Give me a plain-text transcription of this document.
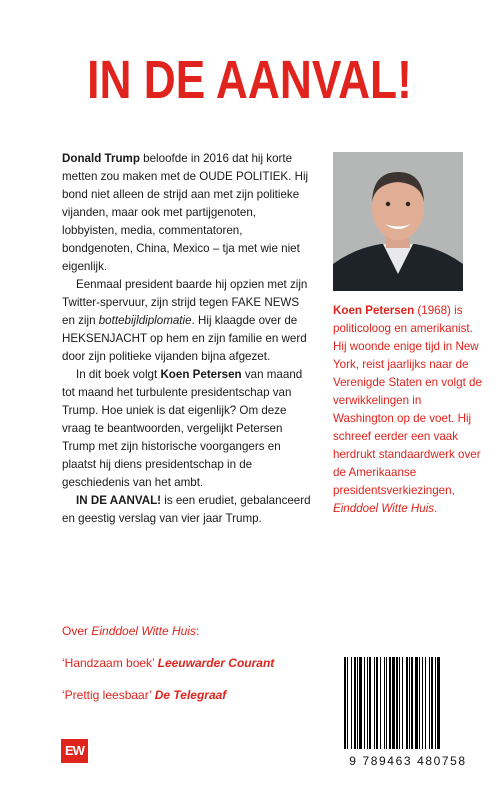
IN DE AANVAL!

Donald Trump beloofde in 2016 dat hij korte metten zou maken met de OUDE POLITIEK. Hij bond niet alleen de strijd aan met zijn politieke vijanden, maar ook met partijgenoten, lobbyisten, media, commentatoren, bondgenoten, China, Mexico – tja met wie niet eigenlijk.

Eenmaal president baarde hij opzien met zijn Twitter-spervuur, zijn strijd tegen FAKE NEWS en zijn bottebijldiplomatie. Hij klaagde over de HEKSENJACHT op hem en zijn familie en werd door zijn politieke vijanden bijna afgezet.

In dit boek volgt Koen Petersen van maand tot maand het turbulente presidentschap van Trump. Hoe uniek is dat eigenlijk? Om deze vraag te beantwoorden, vergelijkt Petersen Trump met zijn historische voorgangers en plaatst hij diens presidentschap in de geschiedenis van het ambt.

IN DE AANVAL! is een erudiet, gebalanceerd en geestig verslag van vier jaar Trump.

Koen Petersen (1968) is politicoloog en amerikanist. Hij woonde enige tijd in New York, reist jaarlijks naar de Verenigde Staten en volgt de verwikkelingen in Washington op de voet. Hij schreef eerder een vaak herdrukt standaardwerk over de Amerikaanse presidentsverkiezingen, Einddoel Witte Huis.

Over Einddoel Witte Huis:

‘Handzaam boek’ Leeuwarder Courant

‘Prettig leesbaar’ De Telegraaf

EW
9 789463 480758
